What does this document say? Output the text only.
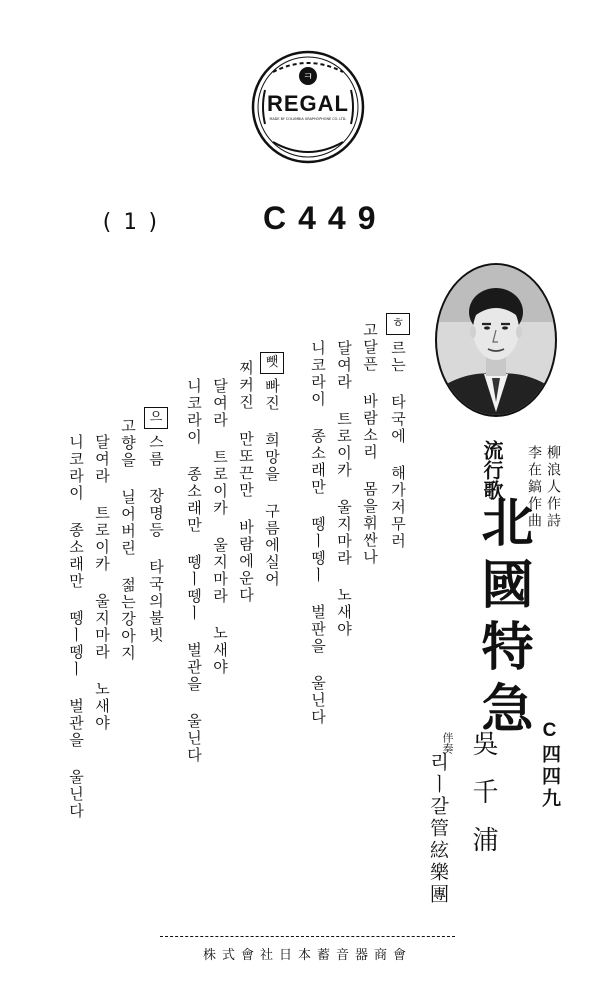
ㅋ
REGAL
MADE BY COLUMBIA GRAPHOPHONE CO. LTD.
(1)	C449
ㅎ
르는 타국에 해가저무러
고달픈 바람소리 몸을휘싼나
달여라 트로이카 울지마라 노새야
니코라이 종소래만 뗑ㅣ뗑ㅣ 벌판을 울닌다
뺏
빠진 희망을 구름에실어
찌커진 만또끈만 바람에운다
달여라 트로이카 울지마라 노새야
니코라이 종소래만 뗑ㅣ뗑ㅣ 벌관을 울닌다
으
스름 장명등 타국의불빗
고향을 닐어버린 젊는강아지
달여라 트로이카 울지마라 노새야
니코라이 종소래만 뗑ㅣ뗑ㅣ 벌관을 울닌다	流行歌	柳浪人作詩
李在鎬作曲
北國特急
C四四九
吳千浦
伴奏
리ㅣ갈管絃樂團
株式會社日本蓄音器商會
